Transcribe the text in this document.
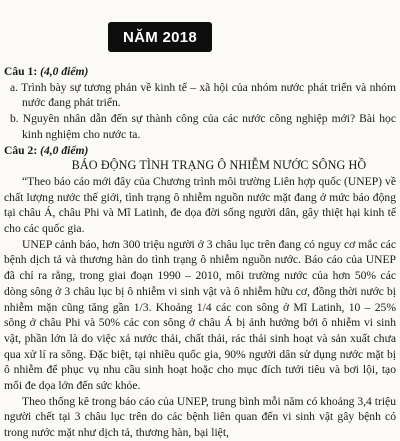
NĂM 2018

Câu 1: (4,0 điểm)

a. Trình bày sự tương phản về kinh tế – xã hội của nhóm nước phát triển và nhóm nước đang phát triển.

b. Nguyên nhân dẫn đến sự thành công của các nước công nghiệp mới? Bài học kinh nghiệm cho nước ta.

Câu 2: (4,0 điểm)

BÁO ĐỘNG TÌNH TRẠNG Ô NHIỄM NƯỚC SÔNG HỒ

“Theo báo cáo mới đây của Chương trình môi trường Liên hợp quốc (UNEP) về chất lượng nước thế giới, tình trạng ô nhiễm nguồn nước mặt đang ở mức báo động tại châu Á, châu Phi và Mĩ Latinh, đe dọa đời sống người dân, gây thiệt hại kinh tế cho các quốc gia.

UNEP cảnh báo, hơn 300 triệu người ở 3 châu lục trên đang có nguy cơ mắc các bệnh dịch tả và thương hàn do tình trạng ô nhiễm nguồn nước. Báo cáo của UNEP đã chỉ ra rằng, trong giai đoạn 1990 – 2010, môi trường nước của hơn 50% các dòng sông ở 3 châu lục bị ô nhiễm vi sinh vật và ô nhiễm hữu cơ, đồng thời nước bị nhiễm mặn cũng tăng gần 1/3. Khoảng 1/4 các con sông ở Mĩ Latinh, 10 – 25% sông ở châu Phi và 50% các con sông ở châu Á bị ảnh hưởng bởi ô nhiễm vi sinh vật, phần lớn là do việc xả nước thải, chất thải, rác thải sinh hoạt và sản xuất chưa qua xử lí ra sông. Đặc biệt, tại nhiều quốc gia, 90% người dân sử dụng nước mặt bị ô nhiễm để phục vụ nhu cầu sinh hoạt hoặc cho mục đích tưới tiêu và bơi lội, tạo mối đe dọa lớn đến sức khỏe.

Theo thống kê trong báo cáo của UNEP, trung bình mỗi năm có khoảng 3,4 triệu người chết tại 3 châu lục trên do các bệnh liên quan đến vi sinh vật gây bệnh có trong nước mặt như dịch tả, thương hàn, bại liệt,
